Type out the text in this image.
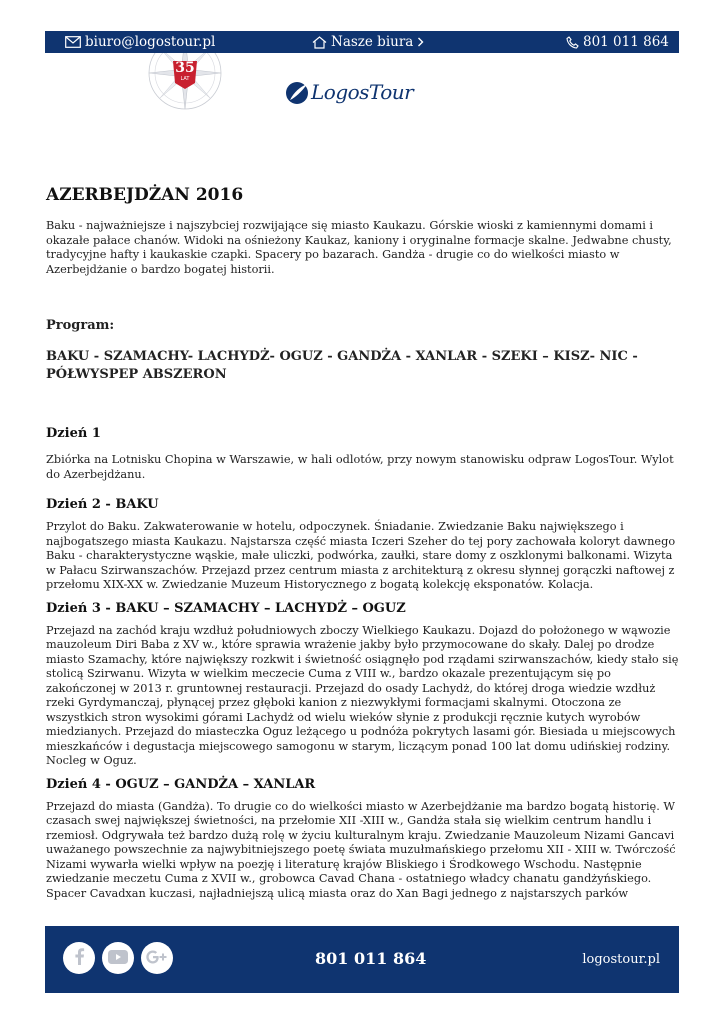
biuro@logostour.pl	Nasze biura	801 011 864
35
LAT
LogosTour
AZERBEJDŻAN 2016

Baku - najważniejsze i najszybciej rozwijające się miasto Kaukazu. Górskie wioski z kamiennymi domami i okazałe pałace chanów. Widoki na ośnieżony Kaukaz, kaniony i oryginalne formacje skalne. Jedwabne chusty, tradycyjne hafty i kaukaskie czapki. Spacery po bazarach. Gandża - drugie co do wielkości miasto w Azerbejdżanie o bardzo bogatej historii.

Program:

BAKU - SZAMACHY- LACHYDŻ- OGUZ - GANDŻA - XANLAR - SZEKI – KISZ- NIC - PÓŁWYSPEP ABSZERON

Dzień 1

Zbiórka na Lotnisku Chopina w Warszawie, w hali odlotów, przy nowym stanowisku odpraw LogosTour. Wylot do Azerbejdżanu.

Dzień 2 - BAKU

Przylot do Baku. Zakwaterowanie w hotelu, odpoczynek. Śniadanie. Zwiedzanie Baku największego i najbogatszego miasta Kaukazu. Najstarsza część miasta Iczeri Szeher do tej pory zachowała koloryt dawnego Baku - charakterystyczne wąskie, małe uliczki, podwórka, zaułki, stare domy z oszklonymi balkonami. Wizyta w Pałacu Szirwanszachów. Przejazd przez centrum miasta z architekturą z okresu słynnej gorączki naftowej z przełomu XIX-XX w. Zwiedzanie Muzeum Historycznego z bogatą kolekcję eksponatów. Kolacja.

Dzień 3 - BAKU – SZAMACHY – LACHYDŻ – OGUZ

Przejazd na zachód kraju wzdłuż południowych zboczy Wielkiego Kaukazu. Dojazd do położonego w wąwozie mauzoleum Diri Baba z XV w., które sprawia wrażenie jakby było przymocowane do skały. Dalej po drodze miasto Szamachy, które największy rozkwit i świetność osiągnęło pod rządami szirwanszachów, kiedy stało się stolicą Szirwanu. Wizyta w wielkim meczecie Cuma z VIII w., bardzo okazale prezentującym się po zakończonej w 2013 r. gruntownej restauracji. Przejazd do osady Lachydż, do której droga wiedzie wzdłuż rzeki Gyrdymanczaj, płynącej przez głęboki kanion z niezwykłymi formacjami skalnymi. Otoczona ze wszystkich stron wysokimi górami Lachydż od wielu wieków słynie z produkcji ręcznie kutych wyrobów miedzianych. Przejazd do miasteczka Oguz leżącego u podnóża pokrytych lasami gór. Biesiada u miejscowych mieszkańców i degustacja miejscowego samogonu w starym, liczącym ponad 100 lat domu udińskiej rodziny. Nocleg w Oguz.

Dzień 4 - OGUZ – GANDŻA – XANLAR

Przejazd do miasta (Gandża). To drugie co do wielkości miasto w Azerbejdżanie ma bardzo bogatą historię. W czasach swej największej świetności, na przełomie XII -XIII w., Gandża stała się wielkim centrum handlu i rzemiosł. Odgrywała też bardzo dużą rolę w życiu kulturalnym kraju. Zwiedzanie Mauzoleum Nizami Gancavi uważanego powszechnie za najwybitniejszego poetę świata muzułmańskiego przełomu XII - XIII w. Twórczość Nizami wywarła wielki wpływ na poezję i literaturę krajów Bliskiego i Środkowego Wschodu. Następnie zwiedzanie meczetu Cuma z XVII w., grobowca Cavad Chana - ostatniego władcy chanatu gandżyńskiego. Spacer Cavadxan kuczasi, najładniejszą ulicą miasta oraz do Xan Bagi jednego z najstarszych parków

801 011 864	logostour.pl
